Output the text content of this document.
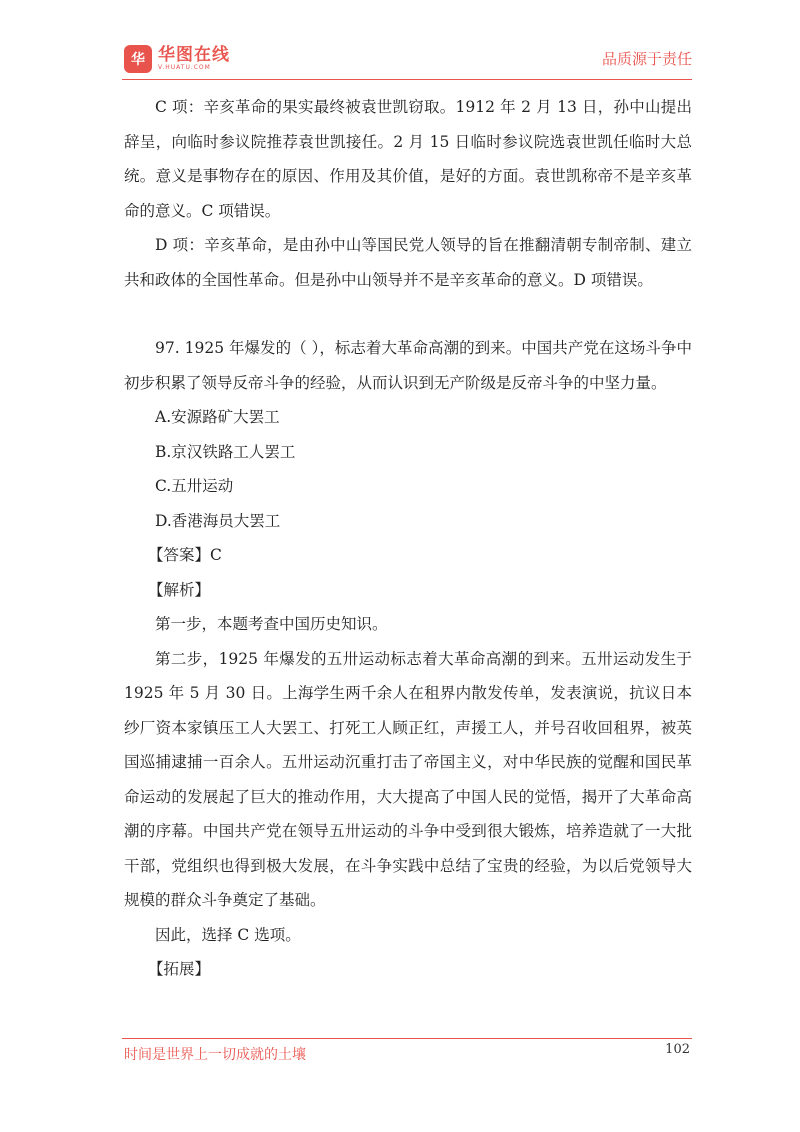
华 华图在线
V.HUATU.COM	品质源于责任

C 项：辛亥革命的果实最终被袁世凯窃取。1912 年 2 月 13 日，孙中山提出辞呈，向临时参议院推荐袁世凯接任。2 月 15 日临时参议院选袁世凯任临时大总统。意义是事物存在的原因、作用及其价值，是好的方面。袁世凯称帝不是辛亥革命的意义。C 项错误。

D 项：辛亥革命，是由孙中山等国民党人领导的旨在推翻清朝专制帝制、建立共和政体的全国性革命。但是孙中山领导并不是辛亥革命的意义。D 项错误。

97. 1925 年爆发的（ ），标志着大革命高潮的到来。中国共产党在这场斗争中初步积累了领导反帝斗争的经验，从而认识到无产阶级是反帝斗争的中坚力量。

A.安源路矿大罢工

B.京汉铁路工人罢工

C.五卅运动

D.香港海员大罢工

【答案】C

【解析】

第一步，本题考查中国历史知识。

第二步，1925 年爆发的五卅运动标志着大革命高潮的到来。五卅运动发生于 1925 年 5 月 30 日。上海学生两千余人在租界内散发传单，发表演说，抗议日本纱厂资本家镇压工人大罢工、打死工人顾正红，声援工人，并号召收回租界，被英国巡捕逮捕一百余人。五卅运动沉重打击了帝国主义，对中华民族的觉醒和国民革命运动的发展起了巨大的推动作用，大大提高了中国人民的觉悟，揭开了大革命高潮的序幕。中国共产党在领导五卅运动的斗争中受到很大锻炼，培养造就了一大批干部，党组织也得到极大发展，在斗争实践中总结了宝贵的经验，为以后党领导大规模的群众斗争奠定了基础。

因此，选择 C 选项。

【拓展】

时间是世界上一切成就的土壤	102
